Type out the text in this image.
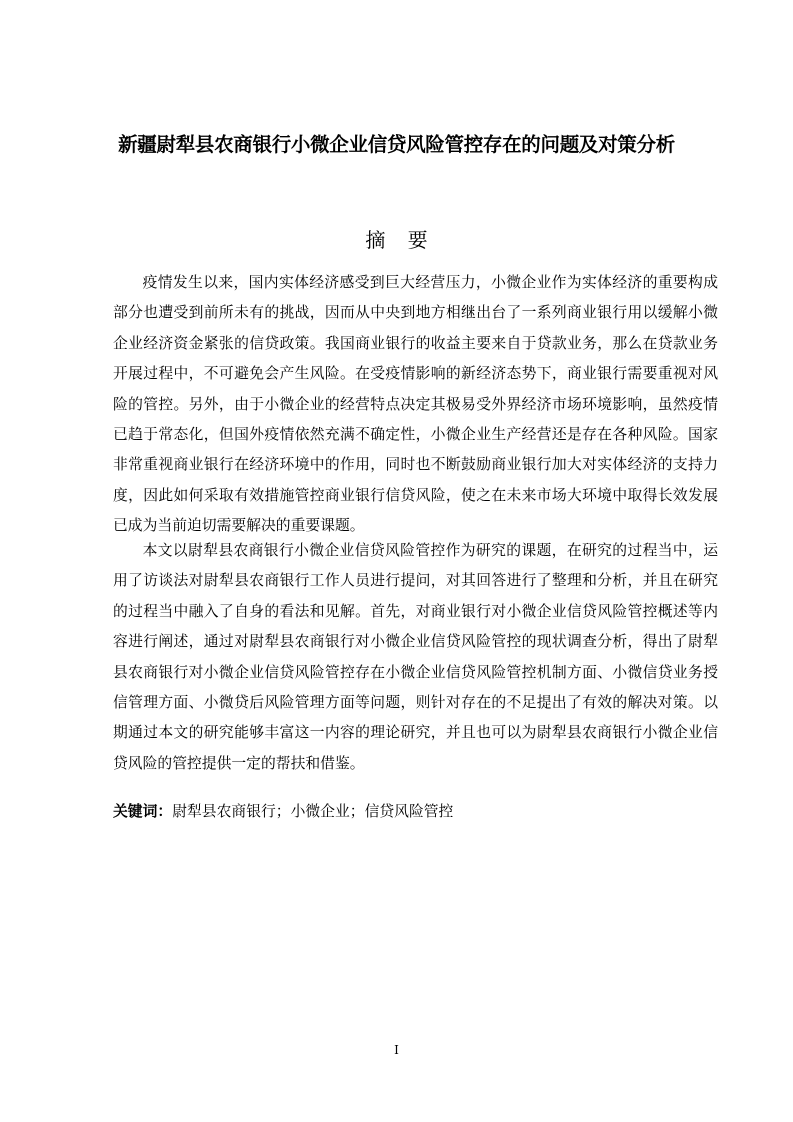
新疆尉犁县农商银行小微企业信贷风险管控存在的问题及对策分析
摘 要

疫情发生以来，国内实体经济感受到巨大经营压力，小微企业作为实体经济的重要构成部分也遭受到前所未有的挑战，因而从中央到地方相继出台了一系列商业银行用以缓解小微企业经济资金紧张的信贷政策。我国商业银行的收益主要来自于贷款业务，那么在贷款业务开展过程中，不可避免会产生风险。在受疫情影响的新经济态势下，商业银行需要重视对风险的管控。另外，由于小微企业的经营特点决定其极易受外界经济市场环境影响，虽然疫情已趋于常态化，但国外疫情依然充满不确定性，小微企业生产经营还是存在各种风险。国家非常重视商业银行在经济环境中的作用，同时也不断鼓励商业银行加大对实体经济的支持力度，因此如何采取有效措施管控商业银行信贷风险，使之在未来市场大环境中取得长效发展已成为当前迫切需要解决的重要课题。

本文以尉犁县农商银行小微企业信贷风险管控作为研究的课题，在研究的过程当中，运用了访谈法对尉犁县农商银行工作人员进行提问，对其回答进行了整理和分析，并且在研究的过程当中融入了自身的看法和见解。首先，对商业银行对小微企业信贷风险管控概述等内容进行阐述，通过对尉犁县农商银行对小微企业信贷风险管控的现状调查分析，得出了尉犁县农商银行对小微企业信贷风险管控存在小微企业信贷风险管控机制方面、小微信贷业务授信管理方面、小微贷后风险管理方面等问题，则针对存在的不足提出了有效的解决对策。以期通过本文的研究能够丰富这一内容的理论研究，并且也可以为尉犁县农商银行小微企业信贷风险的管控提供一定的帮扶和借鉴。

关键词：尉犁县农商银行；小微企业；信贷风险管控
I
